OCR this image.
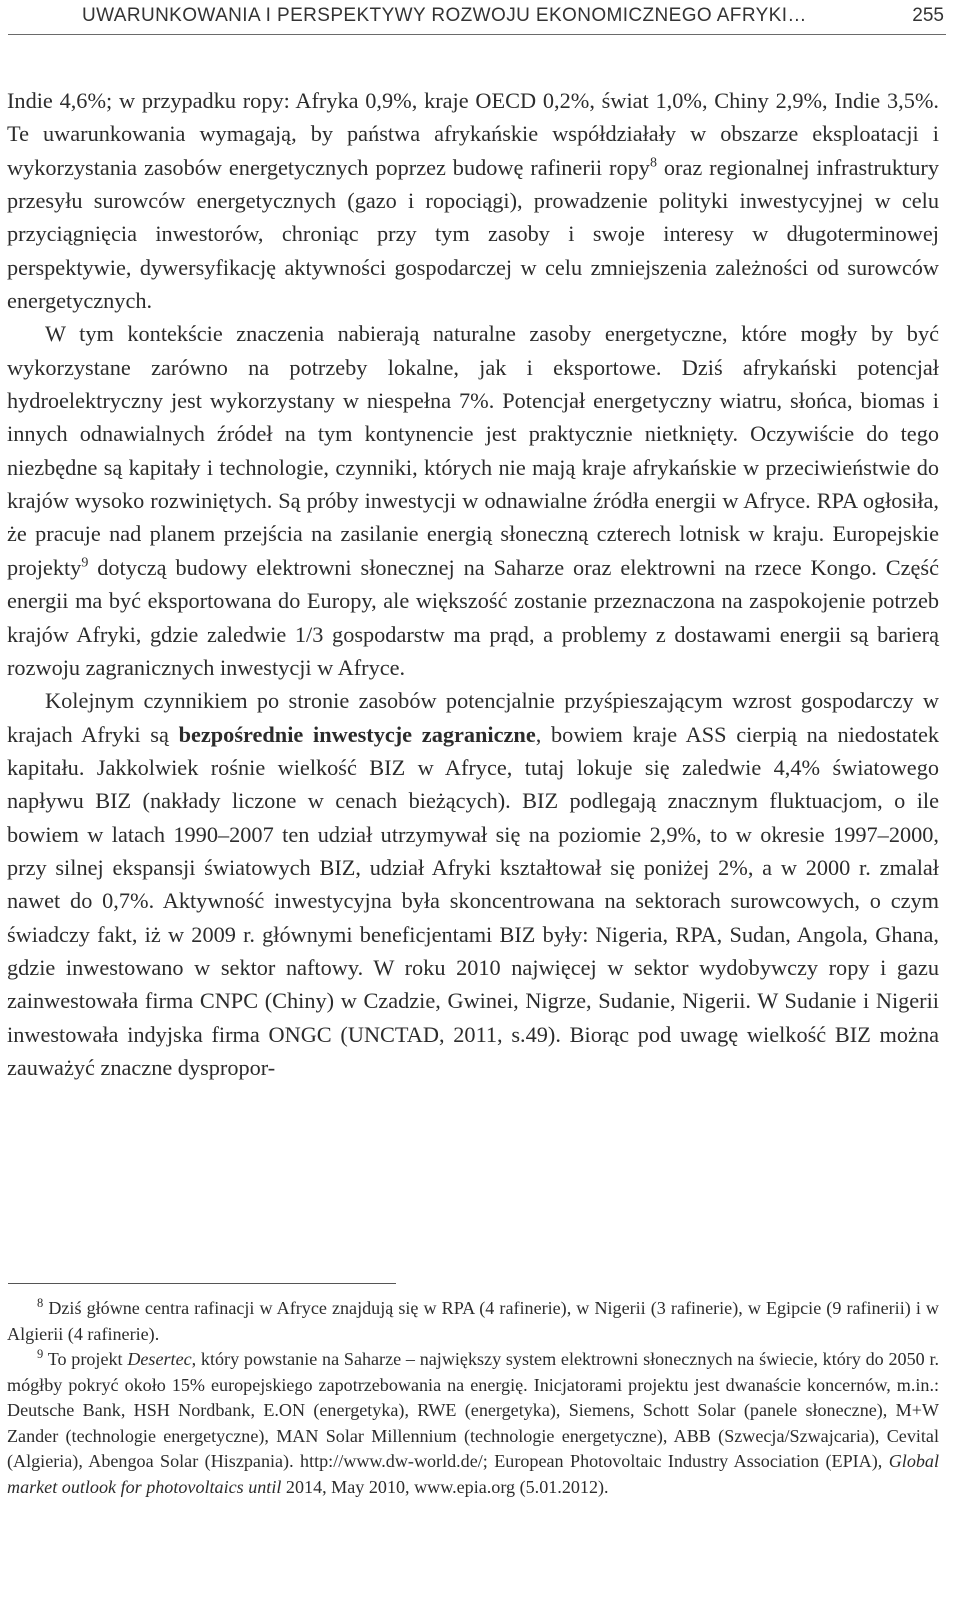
UWARUNKOWANIA I PERSPEKTYWY ROZWOJU EKONOMICZNEGO AFRYKI…	255

Indie 4,6%; w przypadku ropy: Afryka 0,9%, kraje OECD 0,2%, świat 1,0%, Chiny 2,9%, Indie 3,5%. Te uwarunkowania wymagają, by państwa afrykańskie współdziałały w obszarze eksploatacji i wykorzystania zasobów energetycznych poprzez budowę rafinerii ropy$^8$ oraz regionalnej infrastruktury przesyłu surowców energetycznych (gazo i ropociągi), prowadzenie polityki inwestycyjnej w celu przyciągnięcia inwestorów, chroniąc przy tym zasoby i swoje interesy w długoterminowej perspektywie, dywersyfikację aktywności gospodarczej w celu zmniejszenia zależności od surowców energetycznych.

W tym kontekście znaczenia nabierają naturalne zasoby energetyczne, które mogły by być wykorzystane zarówno na potrzeby lokalne, jak i eksportowe. Dziś afrykański potencjał hydroelektryczny jest wykorzystany w niespełna 7%. Potencjał energetyczny wiatru, słońca, biomas i innych odnawialnych źródeł na tym kontynencie jest praktycznie nietknięty. Oczywiście do tego niezbędne są kapitały i technologie, czynniki, których nie mają kraje afrykańskie w przeciwieństwie do krajów wysoko rozwiniętych. Są próby inwestycji w odnawialne źródła energii w Afryce. RPA ogłosiła, że pracuje nad planem przejścia na zasilanie energią słoneczną czterech lotnisk w kraju. Europejskie projekty$^9$ dotyczą budowy elektrowni słonecznej na Saharze oraz elektrowni na rzece Kongo. Część energii ma być eksportowana do Europy, ale większość zostanie przeznaczona na zaspokojenie potrzeb krajów Afryki, gdzie zaledwie 1/3 gospodarstw ma prąd, a problemy z dostawami energii są barierą rozwoju zagranicznych inwestycji w Afryce.

Kolejnym czynnikiem po stronie zasobów potencjalnie przyśpieszającym wzrost gospodarczy w krajach Afryki są bezpośrednie inwestycje zagraniczne, bowiem kraje ASS cierpią na niedostatek kapitału. Jakkolwiek rośnie wielkość BIZ w Afryce, tutaj lokuje się zaledwie 4,4% światowego napływu BIZ (nakłady liczone w cenach bieżących). BIZ podlegają znacznym fluktuacjom, o ile bowiem w latach 1990–2007 ten udział utrzymywał się na poziomie 2,9%, to w okresie 1997–2000, przy silnej ekspansji światowych BIZ, udział Afryki kształtował się poniżej 2%, a w 2000 r. zmalał nawet do 0,7%. Aktywność inwestycyjna była skoncentrowana na sektorach surowcowych, o czym świadczy fakt, iż w 2009 r. głównymi beneficjentami BIZ były: Nigeria, RPA, Sudan, Angola, Ghana, gdzie inwestowano w sektor naftowy. W roku 2010 najwięcej w sektor wydobywczy ropy i gazu zainwestowała firma CNPC (Chiny) w Czadzie, Gwinei, Nigrze, Sudanie, Nigerii. W Sudanie i Nigerii inwestowała indyjska firma ONGC (UNCTAD, 2011, s.49). Biorąc pod uwagę wielkość BIZ można zauważyć znaczne dyspropor-

$^8$ Dziś główne centra rafinacji w Afryce znajdują się w RPA (4 rafinerie), w Nigerii (3 rafinerie), w Egipcie (9 rafinerii) i w Algierii (4 rafinerie).

$^9$ To projekt Desertec, który powstanie na Saharze – największy system elektrowni słonecznych na świecie, który do 2050 r. mógłby pokryć około 15% europejskiego zapotrzebowania na energię. Inicjatorami projektu jest dwanaście koncernów, m.in.: Deutsche Bank, HSH Nordbank, E.ON (energetyka), RWE (energetyka), Siemens, Schott Solar (panele słoneczne), M+W Zander (technologie energetyczne), MAN Solar Millennium (technologie energetyczne), ABB (Szwecja/Szwajcaria), Cevital (Algieria), Abengoa Solar (Hiszpania). http://www.dw-world.de/; European Photovoltaic Industry Association (EPIA), Global market outlook for photovoltaics until 2014, May 2010, www.epia.org (5.01.2012).
